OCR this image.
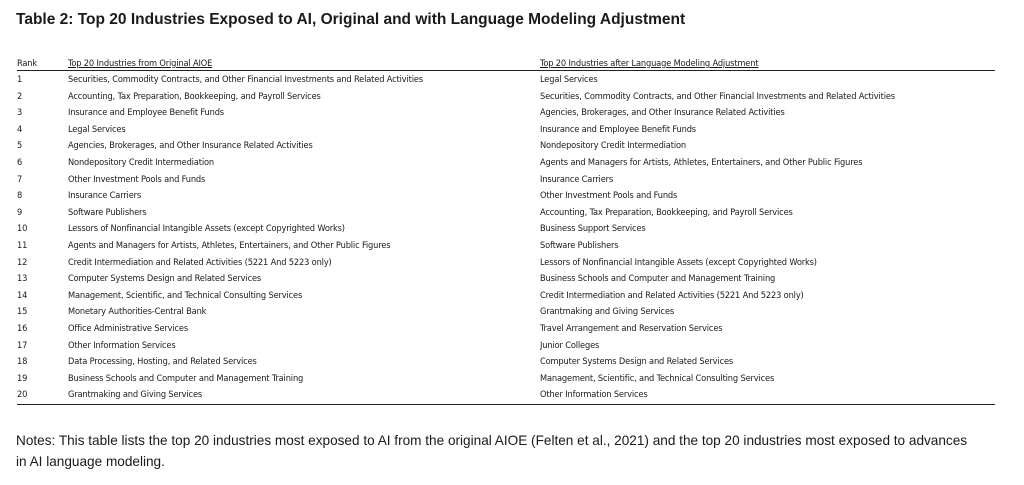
Table 2: Top 20 Industries Exposed to AI, Original and with Language Modeling Adjustment
Rank	Top 20 Industries from Original AIOE	Top 20 Industries after Language Modeling Adjustment
1	Securities, Commodity Contracts, and Other Financial Investments and Related Activities	Legal Services
2	Accounting, Tax Preparation, Bookkeeping, and Payroll Services	Securities, Commodity Contracts, and Other Financial Investments and Related Activities
3	Insurance and Employee Benefit Funds	Agencies, Brokerages, and Other Insurance Related Activities
4	Legal Services	Insurance and Employee Benefit Funds
5	Agencies, Brokerages, and Other Insurance Related Activities	Nondepository Credit Intermediation
6	Nondepository Credit Intermediation	Agents and Managers for Artists, Athletes, Entertainers, and Other Public Figures
7	Other Investment Pools and Funds	Insurance Carriers
8	Insurance Carriers	Other Investment Pools and Funds
9	Software Publishers	Accounting, Tax Preparation, Bookkeeping, and Payroll Services
10	Lessors of Nonfinancial Intangible Assets (except Copyrighted Works)	Business Support Services
11	Agents and Managers for Artists, Athletes, Entertainers, and Other Public Figures	Software Publishers
12	Credit Intermediation and Related Activities (5221 And 5223 only)	Lessors of Nonfinancial Intangible Assets (except Copyrighted Works)
13	Computer Systems Design and Related Services	Business Schools and Computer and Management Training
14	Management, Scientific, and Technical Consulting Services	Credit Intermediation and Related Activities (5221 And 5223 only)
15	Monetary Authorities-Central Bank	Grantmaking and Giving Services
16	Office Administrative Services	Travel Arrangement and Reservation Services
17	Other Information Services	Junior Colleges
18	Data Processing, Hosting, and Related Services	Computer Systems Design and Related Services
19	Business Schools and Computer and Management Training	Management, Scientific, and Technical Consulting Services
20	Grantmaking and Giving Services	Other Information Services
Notes: This table lists the top 20 industries most exposed to AI from the original AIOE (Felten et al., 2021) and the top 20 industries most exposed to advances in AI language modeling.
